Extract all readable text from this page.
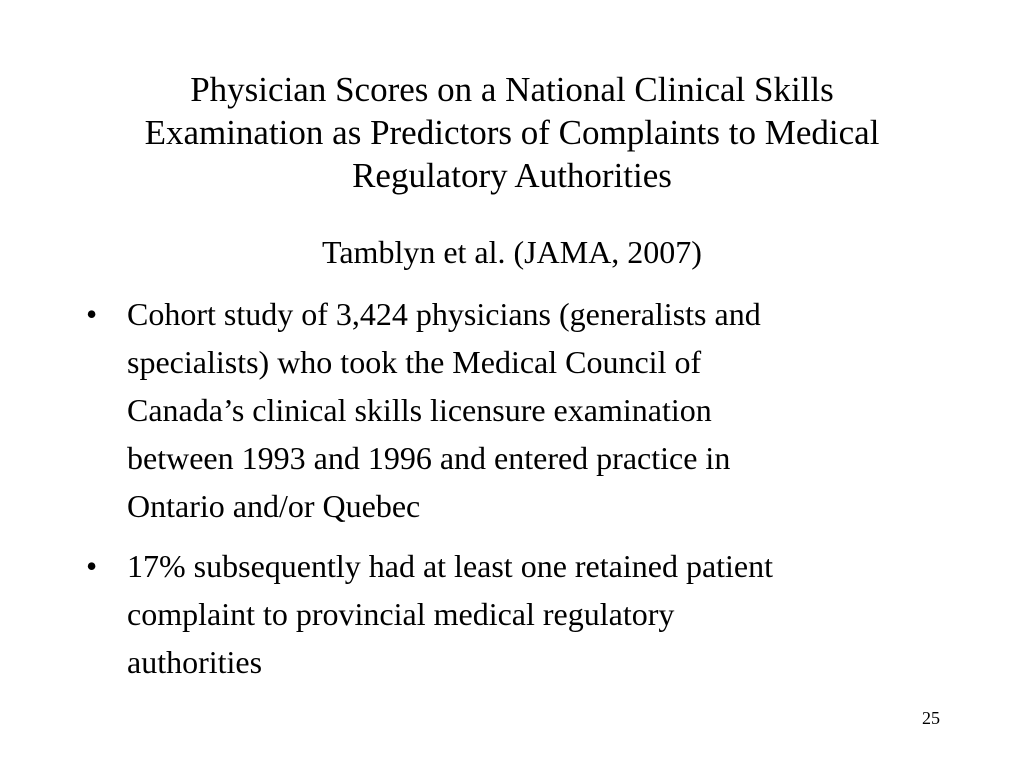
Physician Scores on a National Clinical Skills
Examination as Predictors of Complaints to Medical
Regulatory Authorities

Tamblyn et al. (JAMA, 2007)

• Cohort study of 3,424 physicians (generalists and
specialists) who took the Medical Council of
Canada’s clinical skills licensure examination
between 1993 and 1996 and entered practice in
Ontario and/or Quebec
• 17% subsequently had at least one retained patient
complaint to provincial medical regulatory
authorities
25
